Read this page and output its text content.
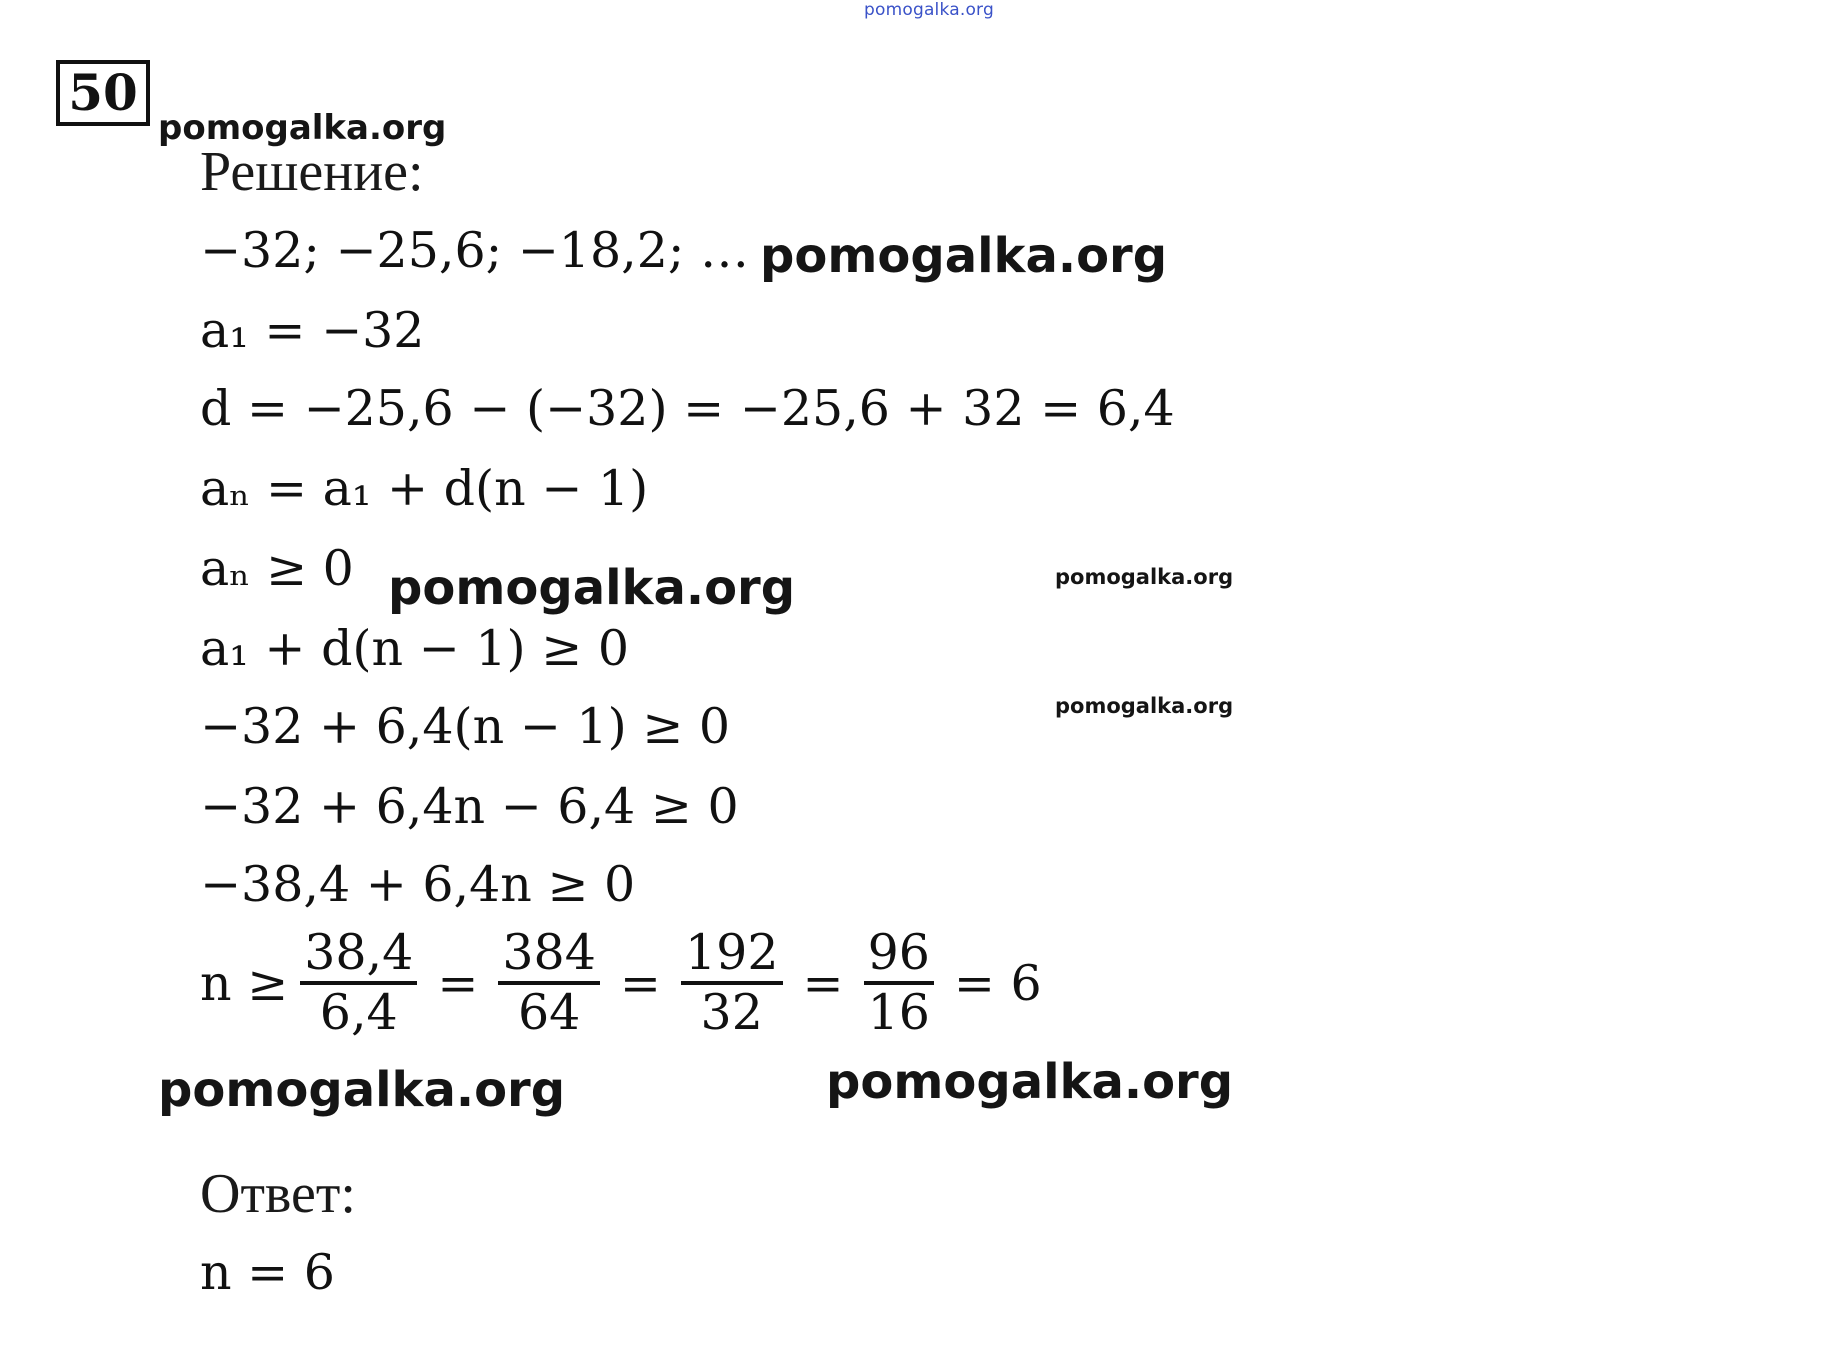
pomogalka.org
50
pomogalka.org
Решение:
−32; −25,6; −18,2; … pomogalka.org
a₁ = −32
d = −25,6 − (−32) = −25,6 + 32 = 6,4
aₙ = a₁ + d(n − 1)
aₙ ≥ 0 pomogalka.org	pomogalka.org
a₁ + d(n − 1) ≥ 0
−32 + 6,4(n − 1) ≥ 0	pomogalka.org
−32 + 6,4n − 6,4 ≥ 0
−38,4 + 6,4n ≥ 0
$n \ge \frac{38,4}{6,4} = \frac{384}{64} = \frac{192}{32} = \frac{96}{16} = 6$
pomogalka.org	pomogalka.org
Ответ:
n = 6
